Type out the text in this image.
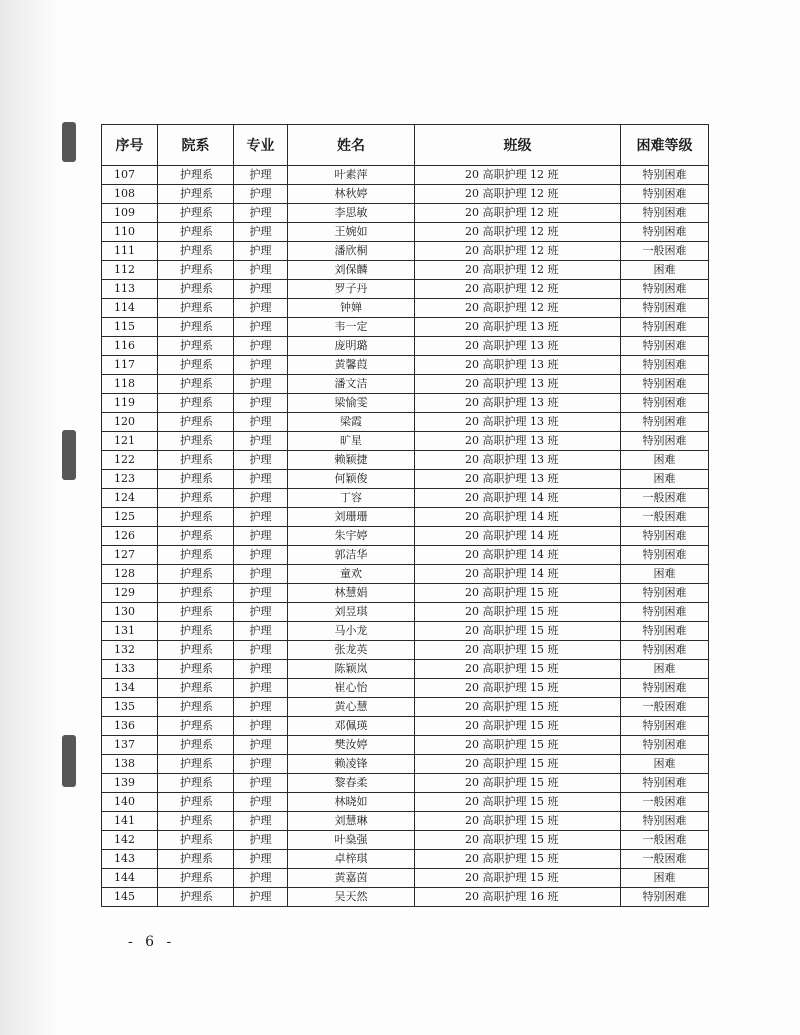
序号	院系	专业	姓名	班级	困难等级
107	护理系	护理	叶素萍	20 高职护理 12 班	特别困难
108	护理系	护理	林秋婷	20 高职护理 12 班	特别困难
109	护理系	护理	李思敏	20 高职护理 12 班	特别困难
110	护理系	护理	王婉如	20 高职护理 12 班	特别困难
111	护理系	护理	潘欣桐	20 高职护理 12 班	一般困难
112	护理系	护理	刘保麟	20 高职护理 12 班	困难
113	护理系	护理	罗子丹	20 高职护理 12 班	特别困难
114	护理系	护理	钟婵	20 高职护理 12 班	特别困难
115	护理系	护理	韦一定	20 高职护理 13 班	特别困难
116	护理系	护理	庞明璐	20 高职护理 13 班	特别困难
117	护理系	护理	黄馨葭	20 高职护理 13 班	特别困难
118	护理系	护理	潘文洁	20 高职护理 13 班	特别困难
119	护理系	护理	梁愉雯	20 高职护理 13 班	特别困难
120	护理系	护理	梁霞	20 高职护理 13 班	特别困难
121	护理系	护理	旷星	20 高职护理 13 班	特别困难
122	护理系	护理	赖颖捷	20 高职护理 13 班	困难
123	护理系	护理	何颖俊	20 高职护理 13 班	困难
124	护理系	护理	丁容	20 高职护理 14 班	一般困难
125	护理系	护理	刘珊珊	20 高职护理 14 班	一般困难
126	护理系	护理	朱宇婷	20 高职护理 14 班	特别困难
127	护理系	护理	郭洁华	20 高职护理 14 班	特别困难
128	护理系	护理	童欢	20 高职护理 14 班	困难
129	护理系	护理	林慧娟	20 高职护理 15 班	特别困难
130	护理系	护理	刘昱琪	20 高职护理 15 班	特别困难
131	护理系	护理	马小龙	20 高职护理 15 班	特别困难
132	护理系	护理	张龙英	20 高职护理 15 班	特别困难
133	护理系	护理	陈颖岚	20 高职护理 15 班	困难
134	护理系	护理	崔心怡	20 高职护理 15 班	特别困难
135	护理系	护理	黄心慧	20 高职护理 15 班	一般困难
136	护理系	护理	邓佩瑛	20 高职护理 15 班	特别困难
137	护理系	护理	樊汝婷	20 高职护理 15 班	特别困难
138	护理系	护理	赖凌锋	20 高职护理 15 班	困难
139	护理系	护理	黎春柔	20 高职护理 15 班	特别困难
140	护理系	护理	林晓如	20 高职护理 15 班	一般困难
141	护理系	护理	刘慧琳	20 高职护理 15 班	特别困难
142	护理系	护理	叶燊强	20 高职护理 15 班	一般困难
143	护理系	护理	卓梓琪	20 高职护理 15 班	一般困难
144	护理系	护理	黄嘉茵	20 高职护理 15 班	困难
145	护理系	护理	吴天然	20 高职护理 16 班	特别困难
- 6 -
